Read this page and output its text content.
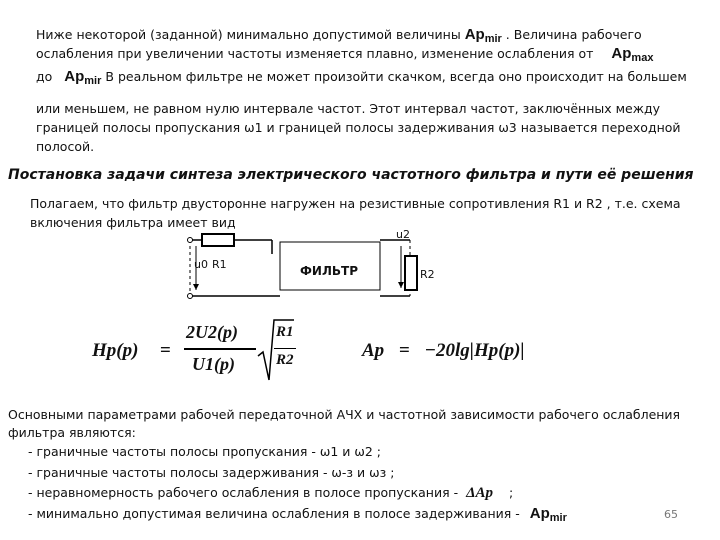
Ниже некоторой (заданной) минимально допустимой величины $Ap_{mir}$ . Величина рабочего
ослабления при увеличении частоты изменяется плавно, изменение ослабления от $Ap_{max}$
до $Ap_{mir}$ В реальном фильтре не может произойти скачком, всегда оно происходит на большем
или меньшем, не равном нулю интервале частот. Этот интервал частот, заключённых между
границей полосы пропускания ω1 и границей полосы задерживания ω3 называется переходной
полосой.
Постановка задачи синтеза электрического частотного фильтра и пути её решения
Полагаем, что фильтр двусторонне нагружен на резистивные сопротивления R1 и R2 , т.е. схема
включения фильтра имеет вид
u0 R1	ФИЛЬТР
u2
R2
Hp(p) =
2U2(p)
U1(p)
R1
R2	Ap = −20lg|Hp(p)|
Основными параметрами рабочей передаточной АЧХ и частотной зависимости рабочего ослабления
фильтра являются:
- граничные частоты полосы пропускания - ω1 и ω2 ;
- граничные частоты полосы задерживания - ω-з и ωз ;
- неравномерность рабочего ослабления в полосе пропускания - ΔAp ;
- минимально допустимая величина ослабления в полосе задерживания - $Ap_{mir}$	65
